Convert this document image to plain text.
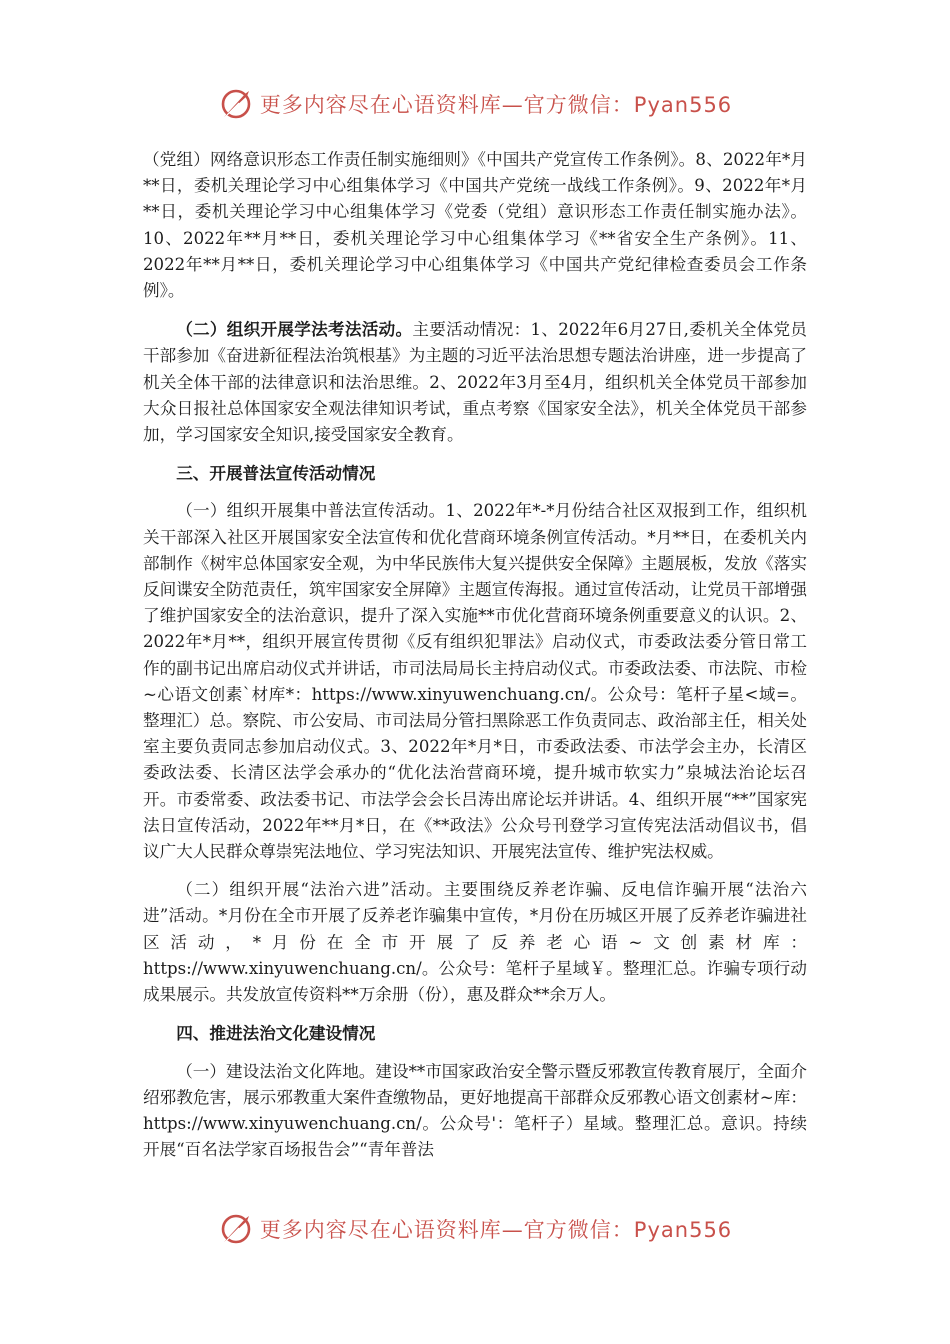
更多内容尽在心语资料库—官方微信：Pyan556

（党组）网络意识形态工作责任制实施细则》《中国共产党宣传工作条例》。8、2022年*月**日，委机关理论学习中心组集体学习《中国共产党统一战线工作条例》。9、2022年*月**日，委机关理论学习中心组集体学习《党委（党组）意识形态工作责任制实施办法》。10、2022年**月**日，委机关理论学习中心组集体学习《**省安全生产条例》。11、2022年**月**日，委机关理论学习中心组集体学习《中国共产党纪律检查委员会工作条例》。

（二）组织开展学法考法活动。主要活动情况：1、2022年6月27日,委机关全体党员干部参加《奋进新征程法治筑根基》为主题的习近平法治思想专题法治讲座，进一步提高了机关全体干部的法律意识和法治思维。2、2022年3月至4月，组织机关全体党员干部参加大众日报社总体国家安全观法律知识考试，重点考察《国家安全法》，机关全体党员干部参加，学习国家安全知识,接受国家安全教育。

三、开展普法宣传活动情况

（一）组织开展集中普法宣传活动。1、2022年*-*月份结合社区双报到工作，组织机关干部深入社区开展国家安全法宣传和优化营商环境条例宣传活动。*月**日，在委机关内部制作《树牢总体国家安全观，为中华民族伟大复兴提供安全保障》主题展板，发放《落实反间谍安全防范责任，筑牢国家安全屏障》主题宣传海报。通过宣传活动，让党员干部增强了维护国家安全的法治意识，提升了深入实施**市优化营商环境条例重要意义的认识。2、2022年*月**，组织开展宣传贯彻《反有组织犯罪法》启动仪式，市委政法委分管日常工作的副书记出席启动仪式并讲话，市司法局局长主持启动仪式。市委政法委、市法院、市检~心语文创素`材库*：https://www.xinyuwenchuang.cn/。公众号：笔杆子星<域=。整理汇）总。察院、市公安局、市司法局分管扫黑除恶工作负责同志、政治部主任，相关处室主要负责同志参加启动仪式。3、2022年*月*日，市委政法委、市法学会主办，长清区委政法委、长清区法学会承办的“优化法治营商环境，提升城市软实力”泉城法治论坛召开。市委常委、政法委书记、市法学会会长吕涛出席论坛并讲话。4、组织开展“**”国家宪法日宣传活动，2022年**月*日，在《**政法》公众号刊登学习宣传宪法活动倡议书，倡议广大人民群众尊崇宪法地位、学习宪法知识、开展宪法宣传、维护宪法权威。

（二）组织开展“法治六进”活动。主要围绕反养老诈骗、反电信诈骗开展“法治六进”活动。*月份在全市开展了反养老诈骗集中宣传，*月份在历城区开展了反养老诈骗进社区活动，*月份在全市开展了反养老心语~文创素材库：https://www.xinyuwenchuang.cn/。公众号：笔杆子星域￥。整理汇总。诈骗专项行动成果展示。共发放宣传资料**万余册（份），惠及群众**余万人。

四、推进法治文化建设情况

（一）建设法治文化阵地。建设**市国家政治安全警示暨反邪教宣传教育展厅，全面介绍邪教危害，展示邪教重大案件查缴物品，更好地提高干部群众反邪教心语文创素材~库：https://www.xinyuwenchuang.cn/。公众号'：笔杆子）星域。整理汇总。意识。持续开展“百名法学家百场报告会”“青年普法

更多内容尽在心语资料库—官方微信：Pyan556
